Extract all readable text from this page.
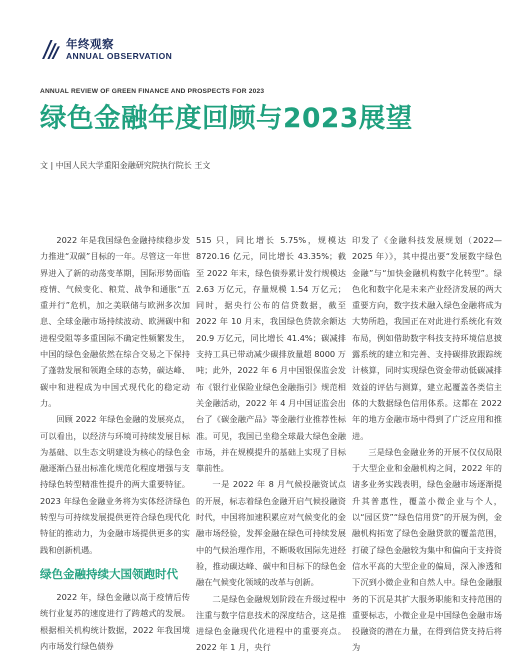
年终观察
ANNUAL OBSERVATION
ANNUAL REVIEW OF GREEN FINANCE AND PROSPECTS FOR 2023
绿色金融年度回顾与2023展望
文 | 中国人民大学重阳金融研究院执行院长 王文

2022 年是我国绿色金融持续稳步发力推进“双碳”目标的一年。尽管这一年世界进入了新的动荡变革期，国际形势面临疫情、气候变化、粮荒、战争和通胀“五重并行”危机，加之美联储与欧洲多次加息、全球金融市场持续波动、欧洲碳中和进程受阻等多重国际不确定性频繁发生，中国的绿色金融依然在综合交易之下保持了蓬勃发展和领跑全球的态势，碳达峰、碳中和进程成为中国式现代化的稳定动力。

回顾 2022 年绿色金融的发展亮点，可以看出，以经济与环境可持续发展目标为基础、以生态文明建设为核心的绿色金融逐渐凸显出标准化规范化程度增强与支持绿色转型精准性提升的两大重要特征。2023 年绿色金融业务将为实体经济绿色转型与可持续发展提供更符合绿色现代化特征的推动力，为金融市场提供更多的实践和创新机遇。

绿色金融持续大国领跑时代

2022 年，绿色金融以高于疫情后传统行业复苏的速度进行了跨越式的发展。根据相关机构统计数据，2022 年我国境内市场发行绿色债券

515 只，同比增长 5.75%，规模达 8720.16 亿元，同比增长 43.35%；截至 2022 年末，绿色债券累计发行规模达 2.63 万亿元，存量规模 1.54 万亿元；同时，据央行公布的信贷数据，截至 2022 年 10 月末，我国绿色贷款余额达 20.9 万亿元，同比增长 41.4%；碳减排支持工具已带动减少碳排放量超 8000 万吨；此外，2022 年 6 月中国银保监会发布《银行业保险业绿色金融指引》规范相关金融活动，2022 年 4 月中国证监会出台了《碳金融产品》等金融行业推荐性标准。可见，我国已坐稳全球最大绿色金融市场，并在规模提升的基础上实现了目标靠前性。

一是 2022 年 8 月气候投融资试点的开展，标志着绿色金融开启气候投融资时代，中国将加速积累应对气候变化的金融市场经验，发挥金融在绿色可持续发展中的气候治理作用，不断吸收国际先进经验，推动碳达峰、碳中和目标下的绿色金融在气候变化领域的改革与创新。

二是绿色金融规划阶段在升级过程中注重与数字信息技术的深度结合，这是推进绿色金融现代化进程中的重要亮点。2022 年 1 月，央行

印发了《金融科技发展规划（2022—2025 年）》，其中提出要“发展数字绿色金融”与“加快金融机构数字化转型”。绿色化和数字化是未来产业经济发展的两大重要方向，数字技术融入绿色金融将成为大势所趋，我国正在对此进行系统化有效布局，例如借助数字科技支持环境信息披露系统的建立和完善、支持碳排放跟踪统计核算，同时实现绿色资金带动低碳减排效益的评估与测算，建立起覆盖各类信主体的大数据绿色信用体系。这都在 2022 年的地方金融市场中得到了广泛应用和推进。

三是绿色金融业务的开展不仅仅局限于大型企业和金融机构之间，2022 年的诸多业务实践表明，绿色金融市场逐渐提升其普惠性，覆盖小微企业与个人，以“园区贷”“绿色信用贷”的开展为例，金融机构拓宽了绿色金融贷款的覆盖范围，打破了绿色金融较为集中和偏向于支持资信水平高的大型企业的偏局，深入渗透和下沉到小微企业和自然人中。绿色金融服务的下沉是其扩大服务职能和支持范围的重要标志，小微企业是中国绿色金融市场投融资的潜在力量，在得到信贷支持后将为
